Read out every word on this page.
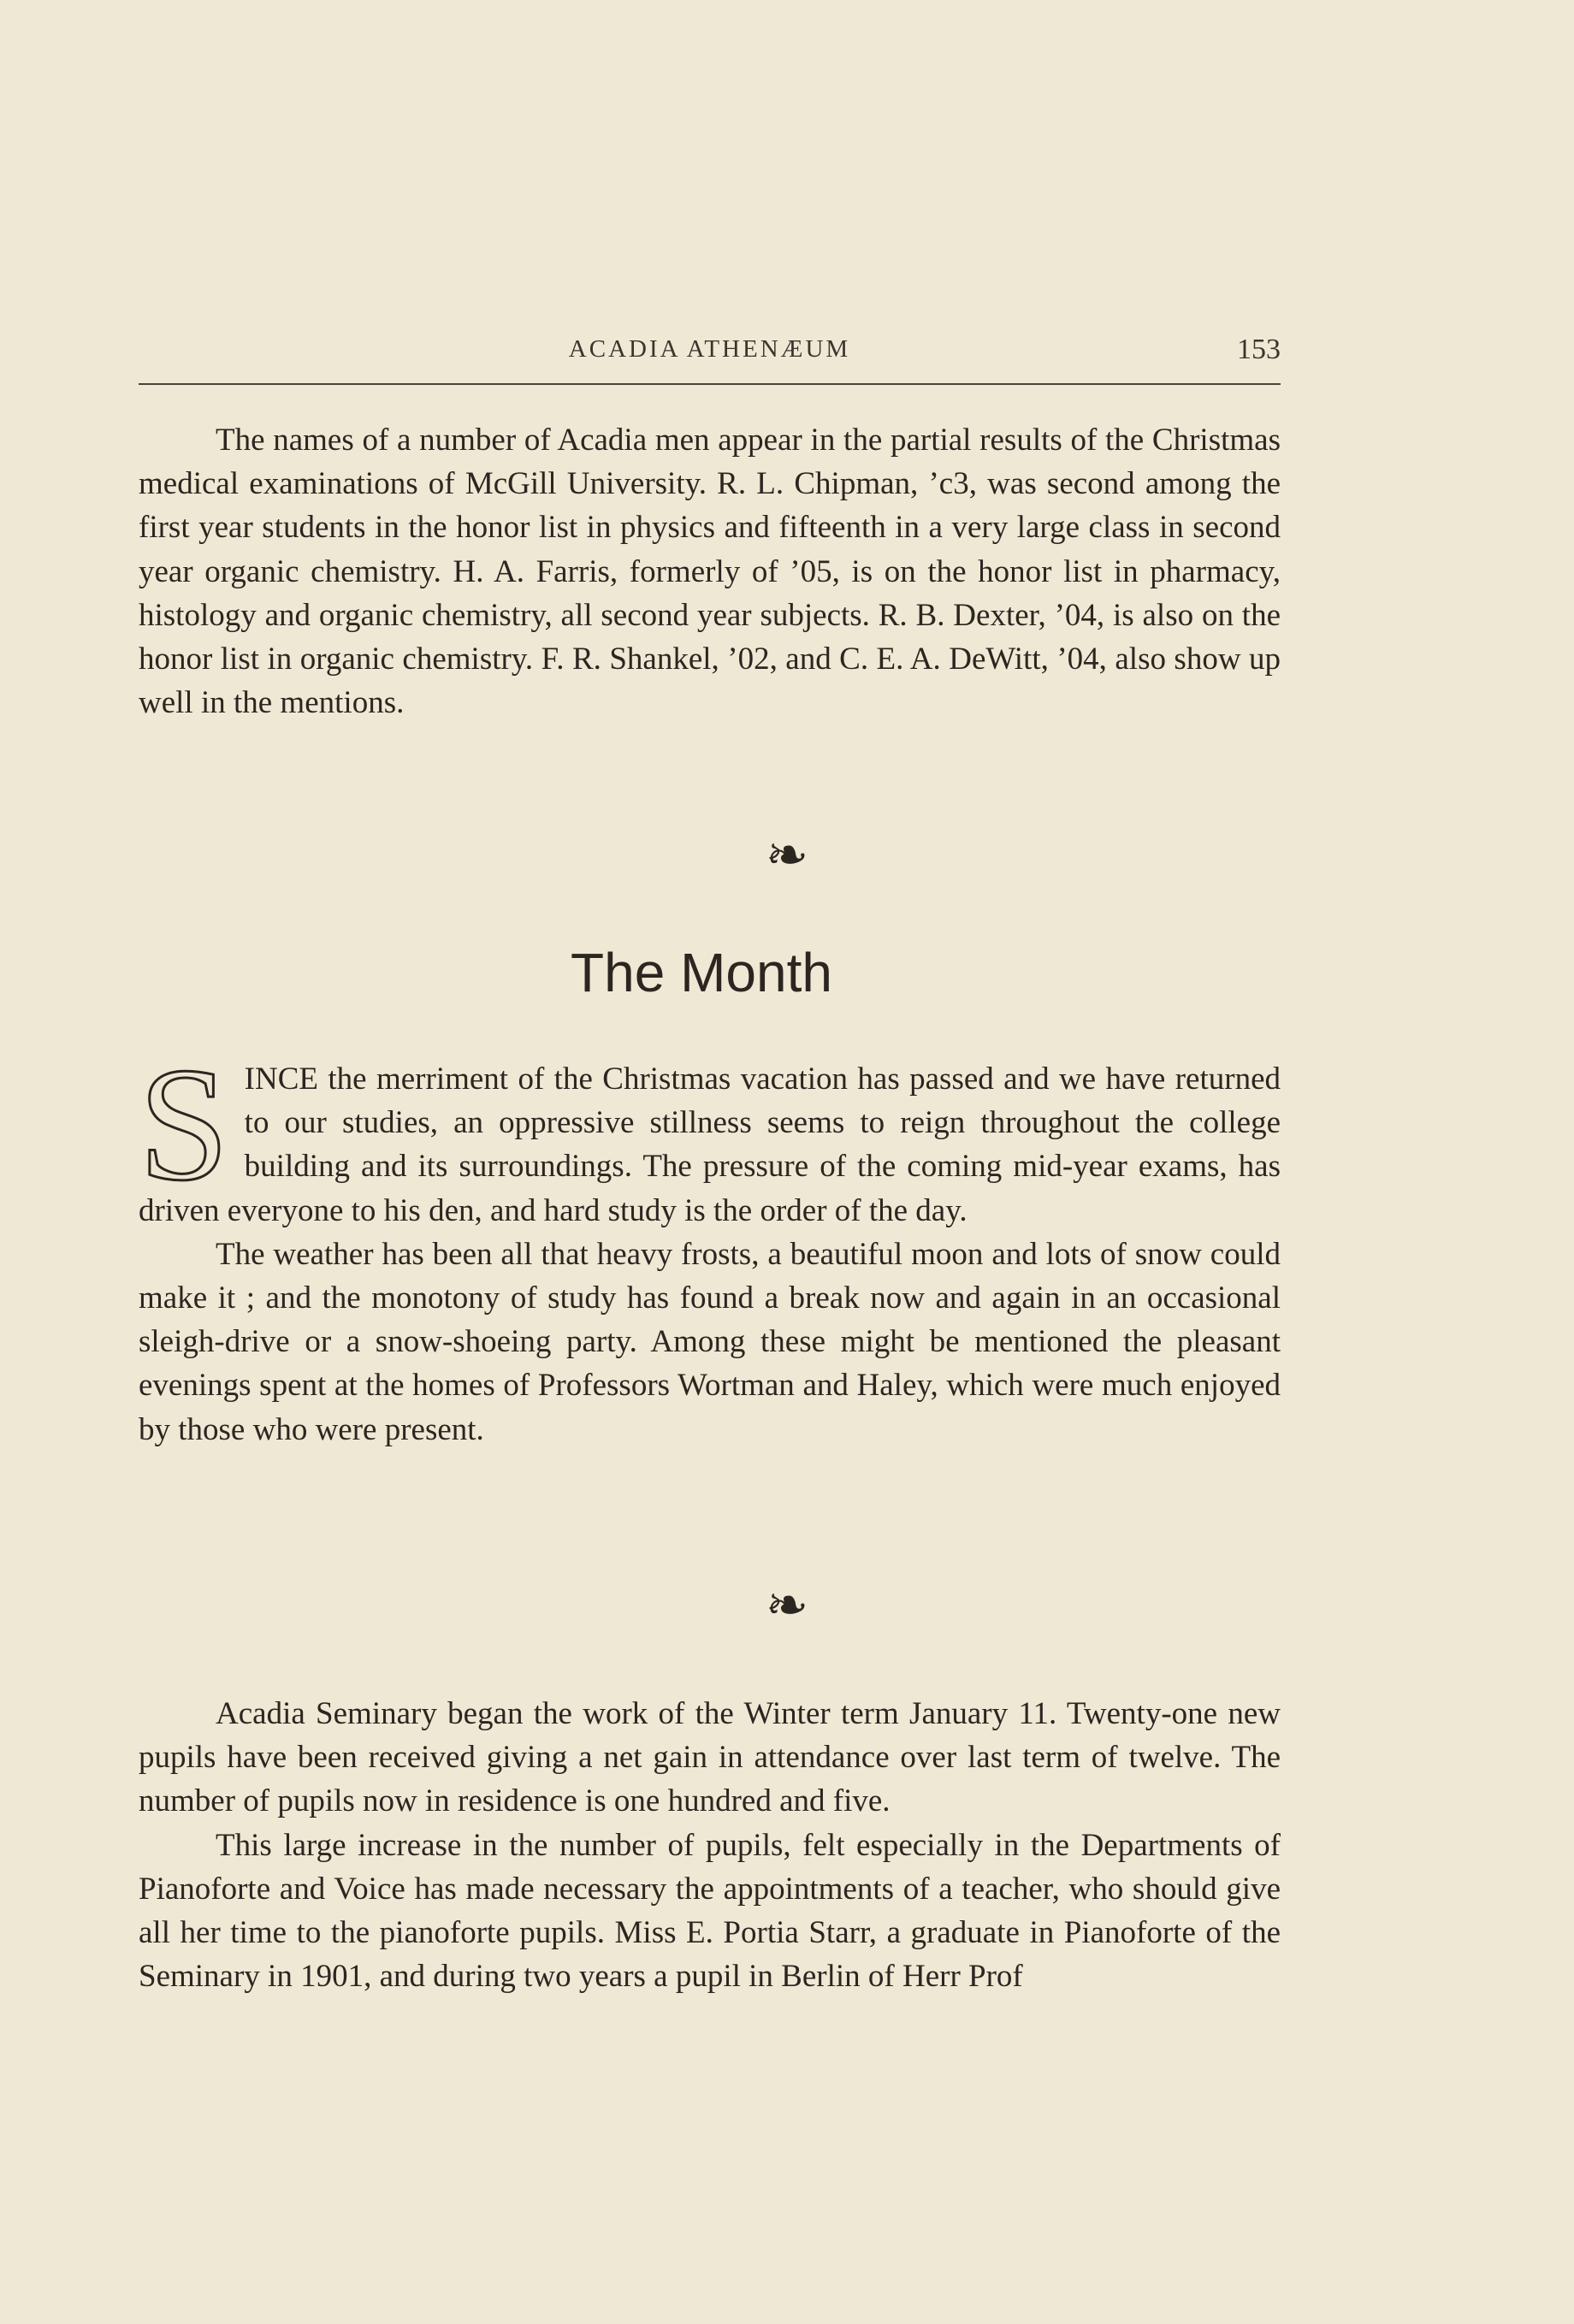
ACADIA ATHENÆUM	153

The names of a number of Acadia men appear in the partial results of the Christmas medical examinations of McGill University. R. L. Chipman, ’c3, was second among the first year students in the honor list in physics and fifteenth in a very large class in second year organic chemistry. H. A. Farris, formerly of ’05, is on the honor list in pharmacy, histology and organic chemistry, all second year subjects. R. B. Dexter, ’04, is also on the honor list in organic chemistry. F. R. Shankel, ’02, and C. E. A. DeWitt, ’04, also show up well in the mentions.

❧
The Month

SINCE the merriment of the Christmas vacation has passed and we have returned to our studies, an oppressive stillness seems to reign throughout the college building and its surroundings. The pressure of the coming mid-year exams, has driven everyone to his den, and hard study is the order of the day.

The weather has been all that heavy frosts, a beautiful moon and lots of snow could make it ; and the monotony of study has found a break now and again in an occasional sleigh-drive or a snow-shoeing party. Among these might be mentioned the pleasant evenings spent at the homes of Professors Wortman and Haley, which were much enjoyed by those who were present.

❧

Acadia Seminary began the work of the Winter term January 11. Twenty-one new pupils have been received giving a net gain in attendance over last term of twelve. The number of pupils now in residence is one hundred and five.

This large increase in the number of pupils, felt especially in the Departments of Pianoforte and Voice has made necessary the appointments of a teacher, who should give all her time to the pianoforte pupils. Miss E. Portia Starr, a graduate in Pianoforte of the Seminary in 1901, and during two years a pupil in Berlin of Herr Prof
